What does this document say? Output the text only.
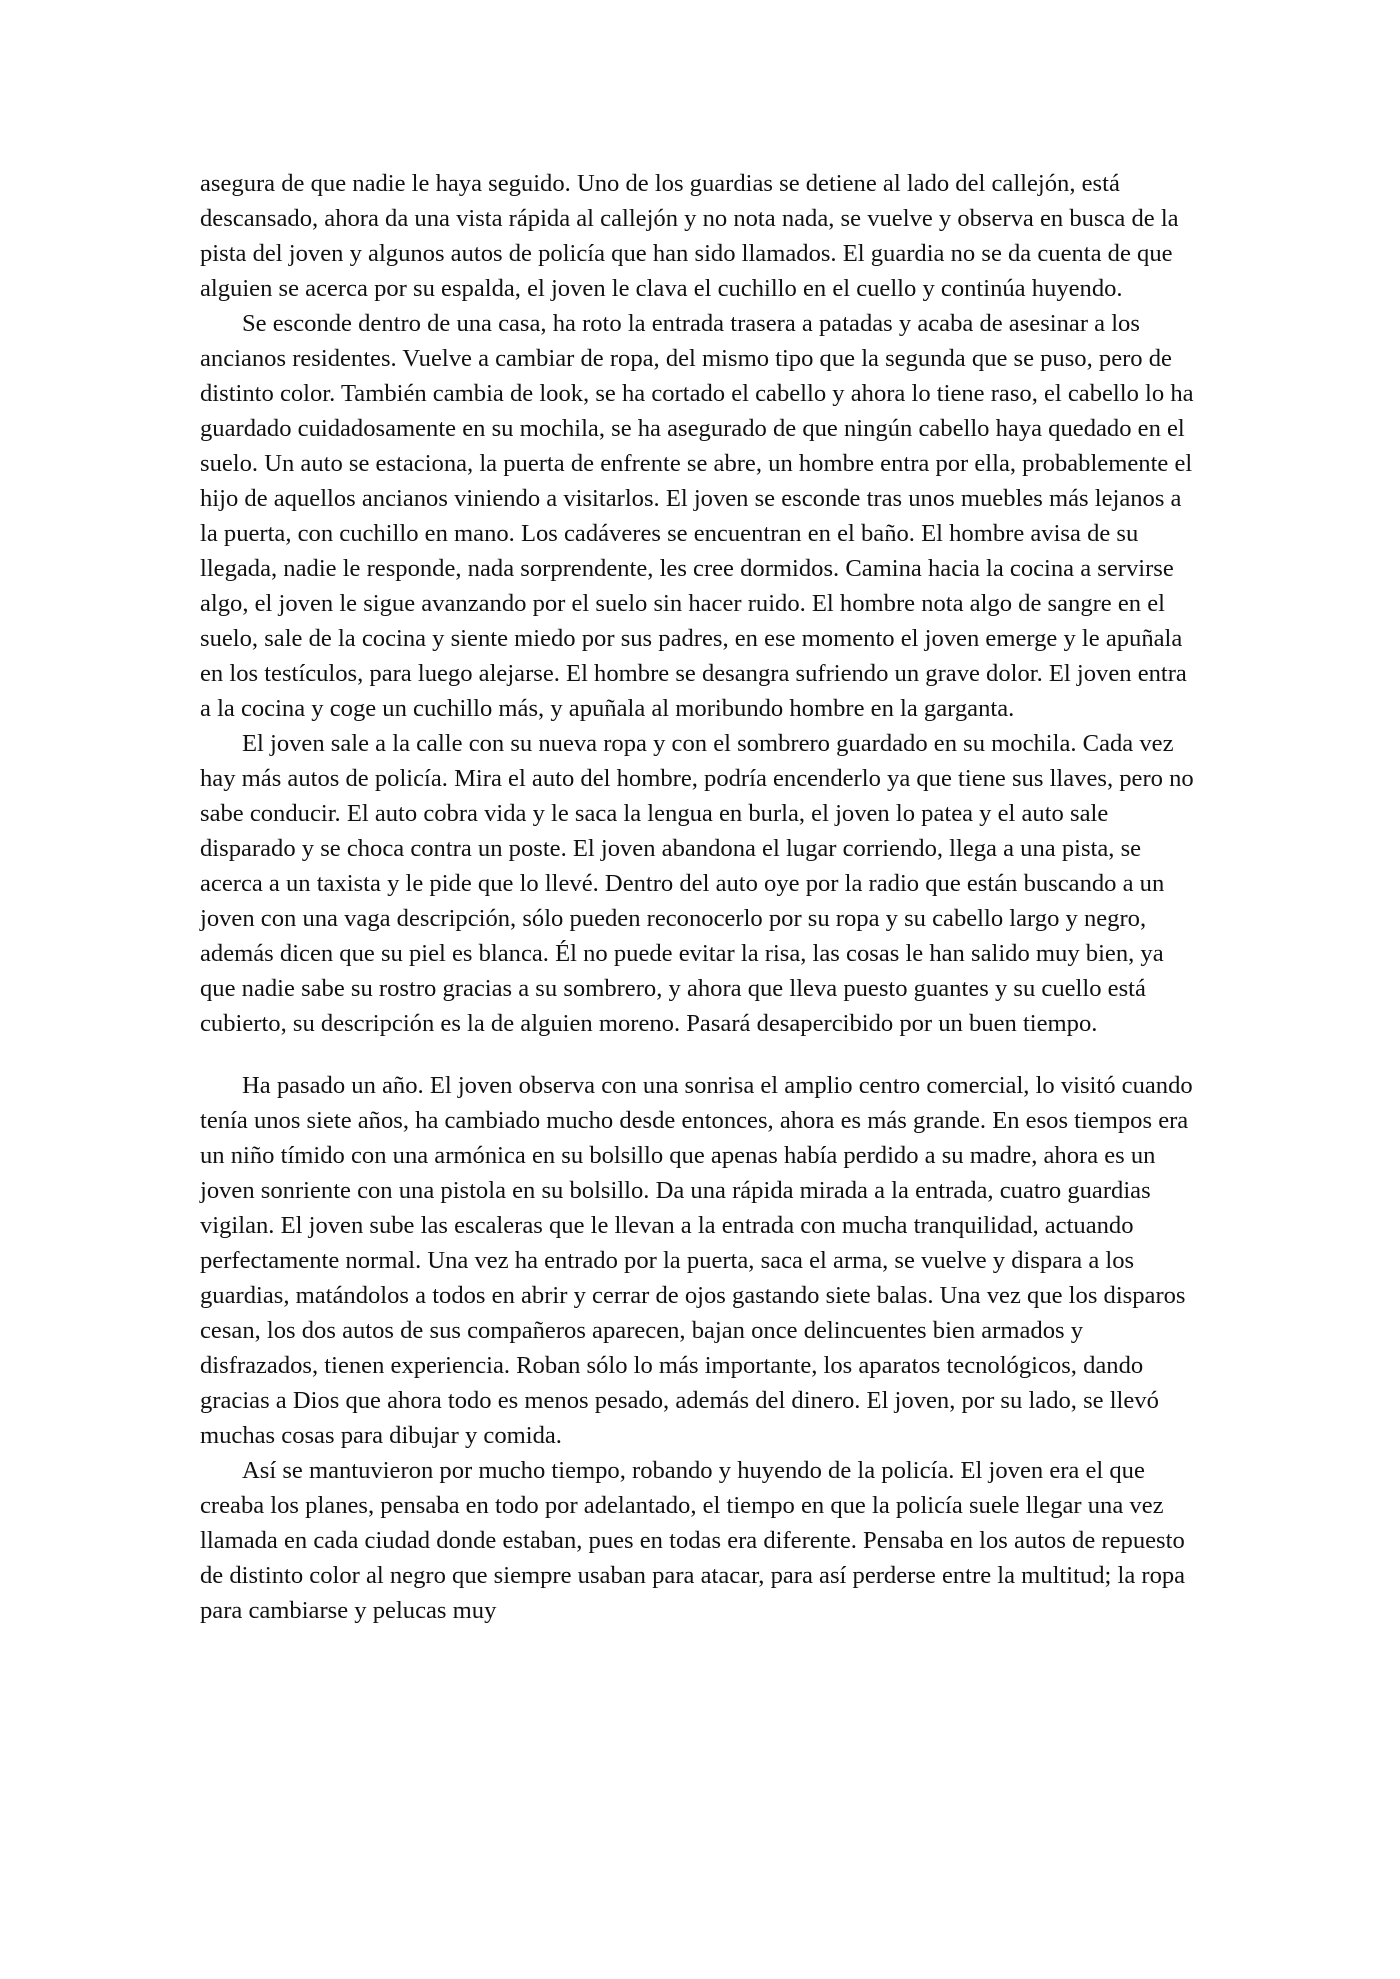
asegura de que nadie le haya seguido. Uno de los guardias se detiene al lado del callejón, está descansado, ahora da una vista rápida al callejón y no nota nada, se vuelve y observa en busca de la pista del joven y algunos autos de policía que han sido llamados. El guardia no se da cuenta de que alguien se acerca por su espalda, el joven le clava el cuchillo en el cuello y continúa huyendo.

Se esconde dentro de una casa, ha roto la entrada trasera a patadas y acaba de asesinar a los ancianos residentes. Vuelve a cambiar de ropa, del mismo tipo que la segunda que se puso, pero de distinto color. También cambia de look, se ha cortado el cabello y ahora lo tiene raso, el cabello lo ha guardado cuidadosamente en su mochila, se ha asegurado de que ningún cabello haya quedado en el suelo. Un auto se estaciona, la puerta de enfrente se abre, un hombre entra por ella, probablemente el hijo de aquellos ancianos viniendo a visitarlos. El joven se esconde tras unos muebles más lejanos a la puerta, con cuchillo en mano. Los cadáveres se encuentran en el baño. El hombre avisa de su llegada, nadie le responde, nada sorprendente, les cree dormidos. Camina hacia la cocina a servirse algo, el joven le sigue avanzando por el suelo sin hacer ruido. El hombre nota algo de sangre en el suelo, sale de la cocina y siente miedo por sus padres, en ese momento el joven emerge y le apuñala en los testículos, para luego alejarse. El hombre se desangra sufriendo un grave dolor. El joven entra a la cocina y coge un cuchillo más, y apuñala al moribundo hombre en la garganta.

El joven sale a la calle con su nueva ropa y con el sombrero guardado en su mochila. Cada vez hay más autos de policía. Mira el auto del hombre, podría encenderlo ya que tiene sus llaves, pero no sabe conducir. El auto cobra vida y le saca la lengua en burla, el joven lo patea y el auto sale disparado y se choca contra un poste. El joven abandona el lugar corriendo, llega a una pista, se acerca a un taxista y le pide que lo llevé. Dentro del auto oye por la radio que están buscando a un joven con una vaga descripción, sólo pueden reconocerlo por su ropa y su cabello largo y negro, además dicen que su piel es blanca. Él no puede evitar la risa, las cosas le han salido muy bien, ya que nadie sabe su rostro gracias a su sombrero, y ahora que lleva puesto guantes y su cuello está cubierto, su descripción es la de alguien moreno. Pasará desapercibido por un buen tiempo.

Ha pasado un año. El joven observa con una sonrisa el amplio centro comercial, lo visitó cuando tenía unos siete años, ha cambiado mucho desde entonces, ahora es más grande. En esos tiempos era un niño tímido con una armónica en su bolsillo que apenas había perdido a su madre, ahora es un joven sonriente con una pistola en su bolsillo. Da una rápida mirada a la entrada, cuatro guardias vigilan. El joven sube las escaleras que le llevan a la entrada con mucha tranquilidad, actuando perfectamente normal. Una vez ha entrado por la puerta, saca el arma, se vuelve y dispara a los guardias, matándolos a todos en abrir y cerrar de ojos gastando siete balas. Una vez que los disparos cesan, los dos autos de sus compañeros aparecen, bajan once delincuentes bien armados y disfrazados, tienen experiencia. Roban sólo lo más importante, los aparatos tecnológicos, dando gracias a Dios que ahora todo es menos pesado, además del dinero. El joven, por su lado, se llevó muchas cosas para dibujar y comida.

Así se mantuvieron por mucho tiempo, robando y huyendo de la policía. El joven era el que creaba los planes, pensaba en todo por adelantado, el tiempo en que la policía suele llegar una vez llamada en cada ciudad donde estaban, pues en todas era diferente. Pensaba en los autos de repuesto de distinto color al negro que siempre usaban para atacar, para así perderse entre la multitud; la ropa para cambiarse y pelucas muy
